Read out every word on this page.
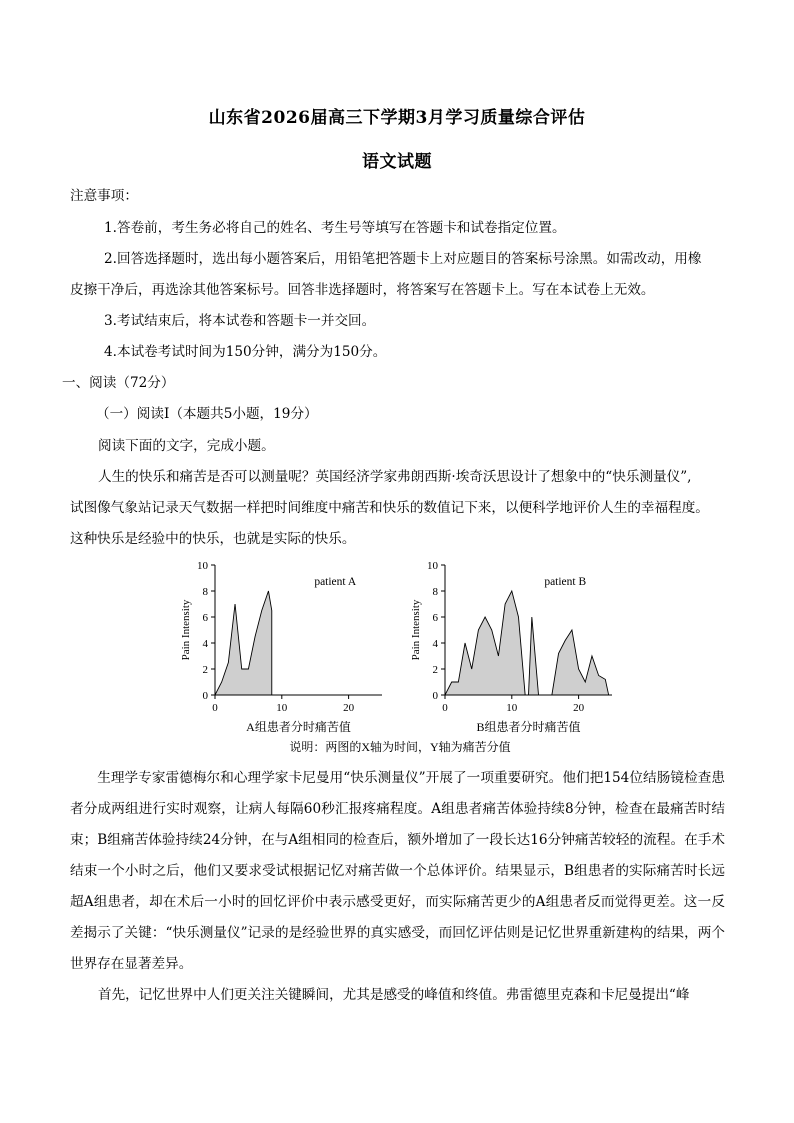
山东省2026届高三下学期3月学习质量综合评估
语文试题
注意事项：
1.答卷前，考生务必将自己的姓名、考生号等填写在答题卡和试卷指定位置。
2.回答选择题时，选出每小题答案后，用铅笔把答题卡上对应题目的答案标号涂黑。如需改动，用橡
皮擦干净后，再选涂其他答案标号。回答非选择题时，将答案写在答题卡上。写在本试卷上无效。
3.考试结束后，将本试卷和答题卡一并交回。
4.本试卷考试时间为150分钟，满分为150分。
一、阅读（72分）
（一）阅读Ⅰ（本题共5小题，19分）
阅读下面的文字，完成小题。
人生的快乐和痛苦是否可以测量呢？英国经济学家弗朗西斯·埃奇沃思设计了想象中的“快乐测量仪”,
试图像气象站记录天气数据一样把时间维度中痛苦和快乐的数值记下来，以便科学地评价人生的幸福程度。
这种快乐是经验中的快乐，也就是实际的快乐。
0
2
4
6
8
10
0	10	20
Pain Intensity
patient A
A组患者分时痛苦值
0
2
4
6
8
10
0	10	20
Pain Intensity
patient B
B组患者分时痛苦值
说明：两图的X轴为时间，Y轴为痛苦分值
生理学专家雷德梅尔和心理学家卡尼曼用“快乐测量仪”开展了一项重要研究。他们把154位结肠镜检查患者分成两组进行实时观察，让病人每隔60秒汇报疼痛程度。A组患者痛苦体验持续8分钟，检查在最痛苦时结束；B组痛苦体验持续24分钟，在与A组相同的检查后，额外增加了一段长达16分钟痛苦较轻的流程。在手术结束一个小时之后，他们又要求受试根据记忆对痛苦做一个总体评价。结果显示，B组患者的实际痛苦时长远超A组患者，却在术后一小时的回忆评价中表示感受更好，而实际痛苦更少的A组患者反而觉得更差。这一反差揭示了关键：“快乐测量仪”记录的是经验世界的真实感受，而回忆评估则是记忆世界重新建构的结果，两个世界存在显著差异。
首先，记忆世界中人们更关注关键瞬间，尤其是感受的峰值和终值。弗雷德里克森和卡尼曼提出“峰
